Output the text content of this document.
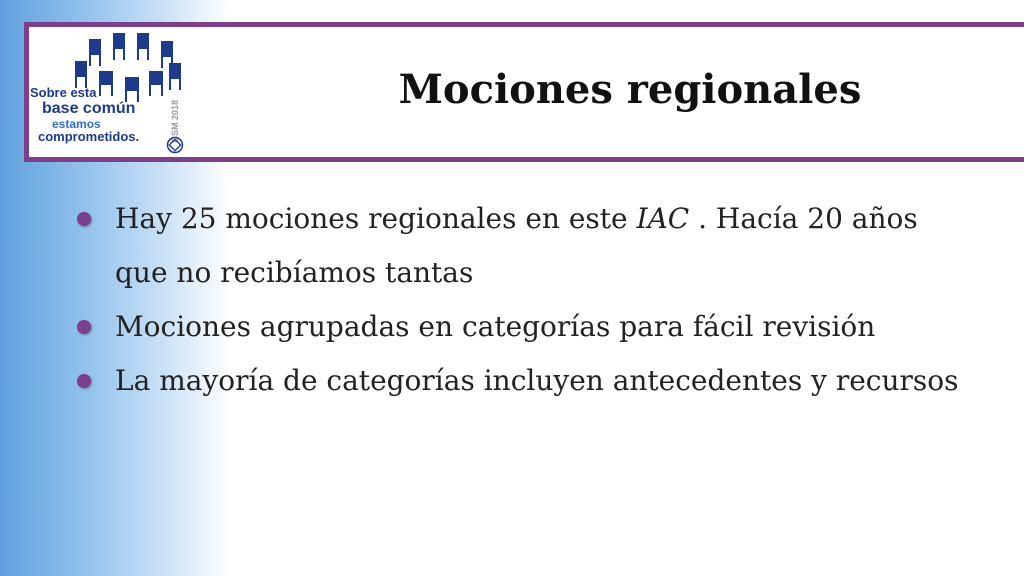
Sobre esta
base común
estamos
comprometidos.	CSM 2018
Mociones regionales
Hay 25 mociones regionales en este IAC . Hacía 20 años que no recibíamos tantas
Mociones agrupadas en categorías para fácil revisión
La mayoría de categorías incluyen antecedentes y recursos
